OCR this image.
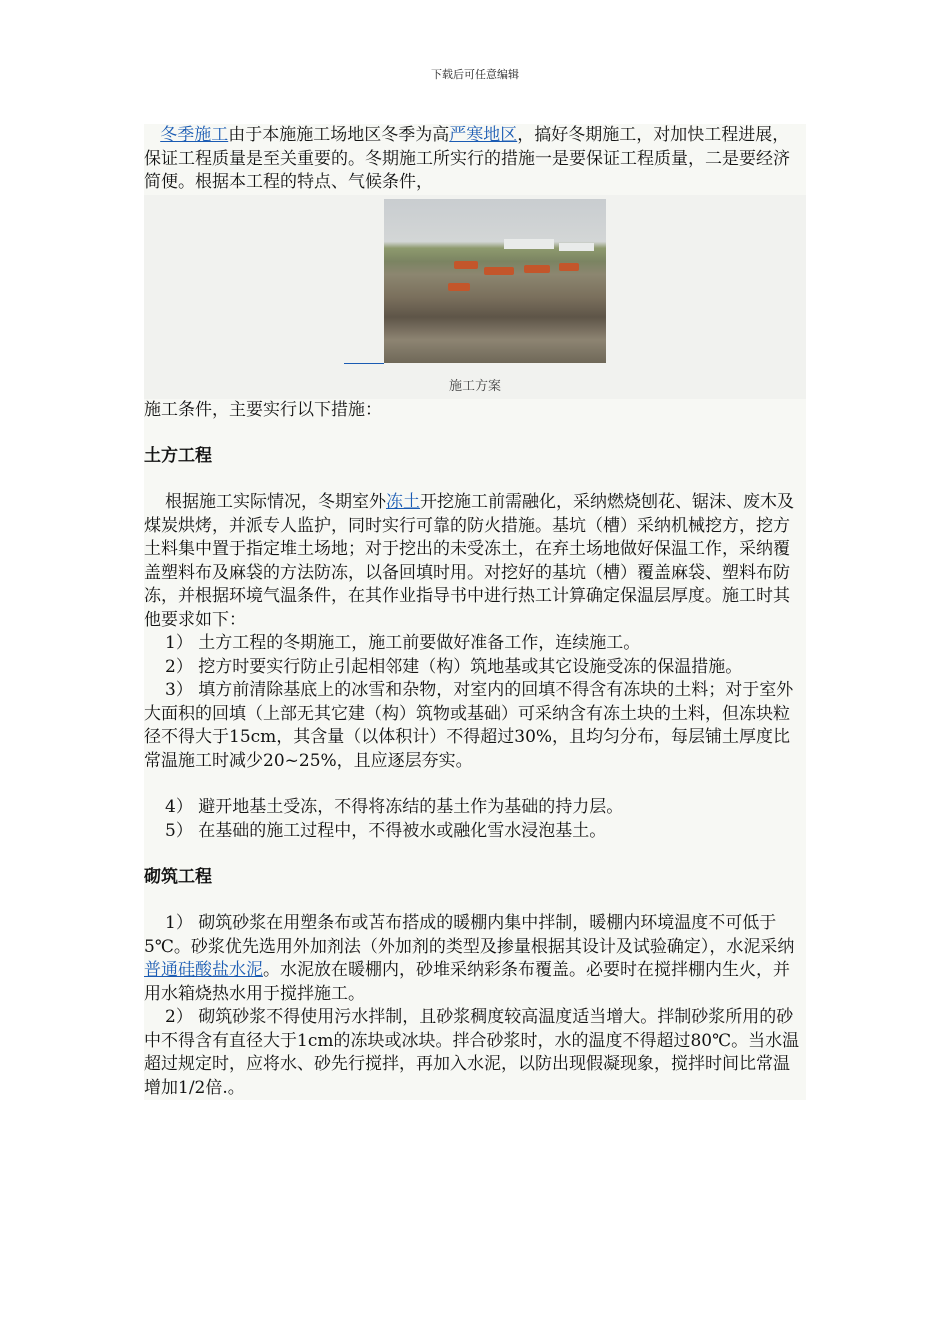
下载后可任意编辑

冬季施工由于本施施工场地区冬季为高严寒地区，搞好冬期施工，对加快工程进展，保证工程质量是至关重要的。冬期施工所实行的措施一是要保证工程质量，二是要经济简便。根据本工程的特点、气候条件，

施工方案

施工条件，主要实行以下措施：

土方工程

根据施工实际情况，冬期室外冻土开挖施工前需融化，采纳燃烧刨花、锯沫、废木及煤炭烘烤，并派专人监护，同时实行可靠的防火措施。基坑（槽）采纳机械挖方，挖方土料集中置于指定堆土场地；对于挖出的未受冻土，在弃土场地做好保温工作，采纳覆盖塑料布及麻袋的方法防冻，以备回填时用。对挖好的基坑（槽）覆盖麻袋、塑料布防冻，并根据环境气温条件，在其作业指导书中进行热工计算确定保温层厚度。施工时其他要求如下：

1） 土方工程的冬期施工，施工前要做好准备工作，连续施工。

2） 挖方时要实行防止引起相邻建（构）筑地基或其它设施受冻的保温措施。

3） 填方前清除基底上的冰雪和杂物，对室内的回填不得含有冻块的土料；对于室外大面积的回填（上部无其它建（构）筑物或基础）可采纳含有冻土块的土料，但冻块粒径不得大于15cm，其含量（以体积计）不得超过30%，且均匀分布，每层铺土厚度比常温施工时减少20~25%，且应逐层夯实。

4） 避开地基土受冻，不得将冻结的基土作为基础的持力层。

5） 在基础的施工过程中，不得被水或融化雪水浸泡基土。

砌筑工程

1） 砌筑砂浆在用塑条布或苫布搭成的暖棚内集中拌制，暖棚内环境温度不可低于5℃。砂浆优先选用外加剂法（外加剂的类型及掺量根据其设计及试验确定），水泥采纳普通硅酸盐水泥。水泥放在暖棚内，砂堆采纳彩条布覆盖。必要时在搅拌棚内生火，并用水箱烧热水用于搅拌施工。

2） 砌筑砂浆不得使用污水拌制，且砂浆稠度较高温度适当增大。拌制砂浆所用的砂中不得含有直径大于1cm的冻块或冰块。拌合砂浆时，水的温度不得超过80℃。当水温超过规定时，应将水、砂先行搅拌，再加入水泥，以防出现假凝现象，搅拌时间比常温增加1/2倍.。
